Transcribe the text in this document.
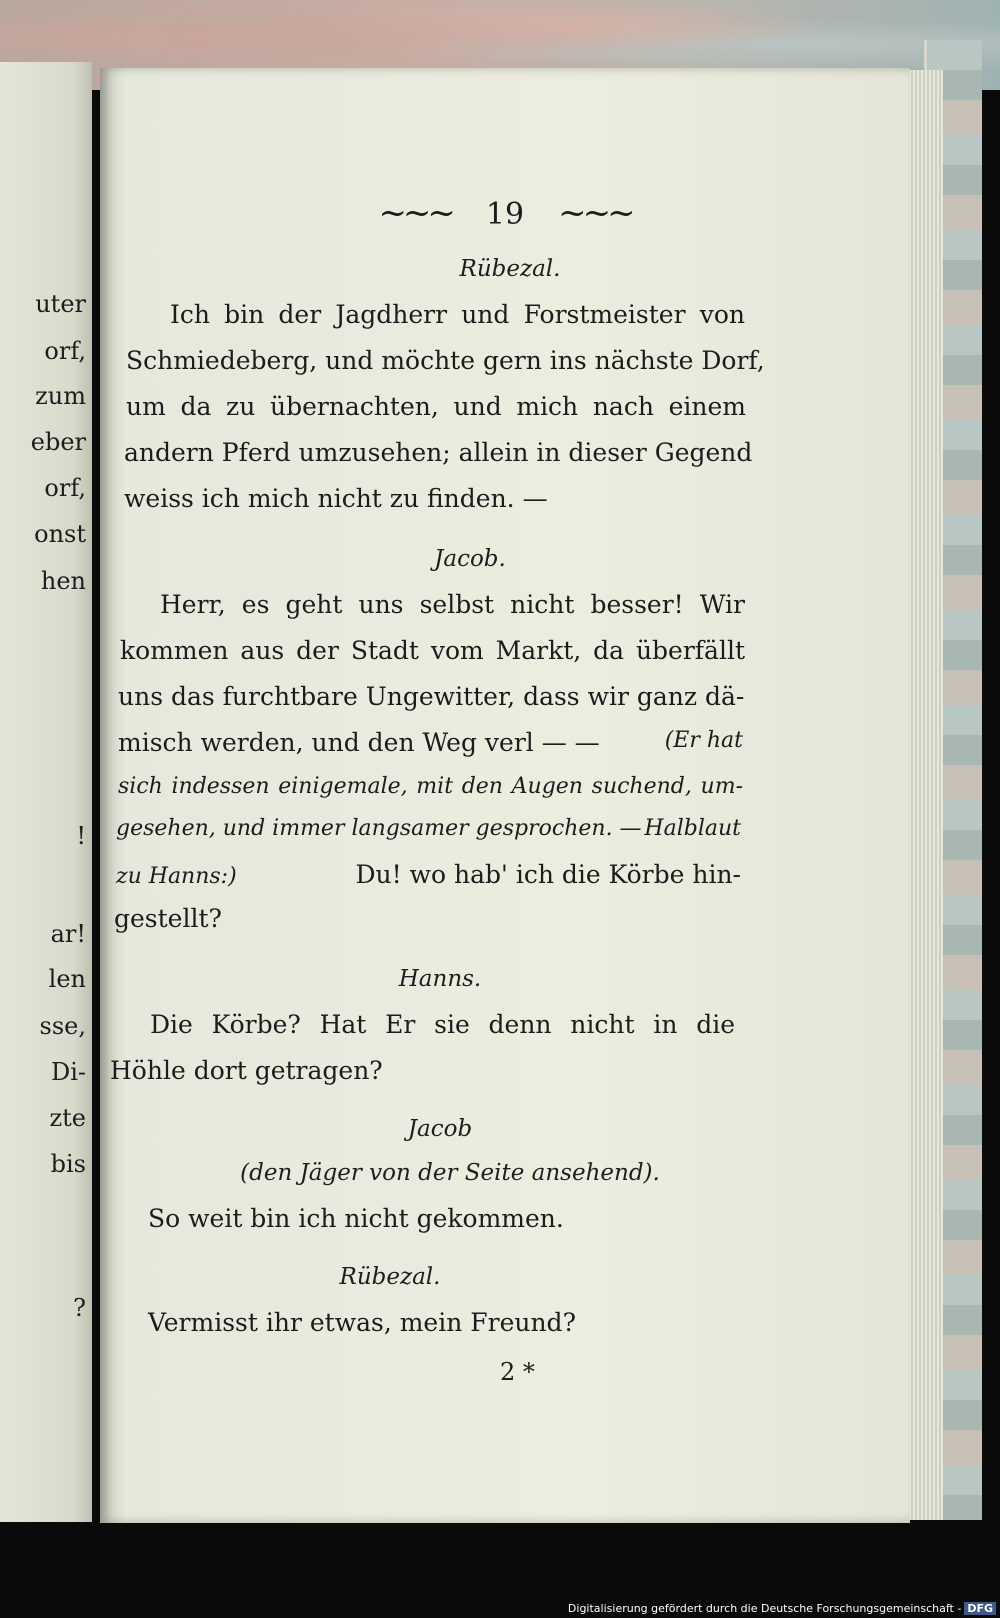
uter
orf,
zum
eber
orf,
onst
hen
!
ar!
len
sse,
Di-
zte
bis
?
~~~ 19 ~~~
Rübezal.
Ich bin der Jagdherr und Forstmeister von
Schmiedeberg, und möchte gern ins nächste Dorf,
um da zu übernachten, und mich nach einem
andern Pferd umzusehen; allein in dieser Gegend
weiss ich mich nicht zu finden. —
Jacob.
Herr, es geht uns selbst nicht besser! Wir
kommen aus der Stadt vom Markt, da überfällt
uns das furchtbare Ungewitter, dass wir ganz dä-
misch werden, und den Weg verl — —	(Er hat
sich indessen einigemale, mit den Augen suchend, um-
gesehen, und immer langsamer gesprochen. — Halblaut
zu Hanns:)	Du! wo hab' ich die Körbe hin-
gestellt?
Hanns.
Die Körbe? Hat Er sie denn nicht in die
Höhle dort getragen?
Jacob
(den Jäger von der Seite ansehend).
So weit bin ich nicht gekommen.
Rübezal.
Vermisst ihr etwas, mein Freund?
2 *
Digitalisierung gefördert durch die Deutsche Forschungsgemeinschaft - DFG
